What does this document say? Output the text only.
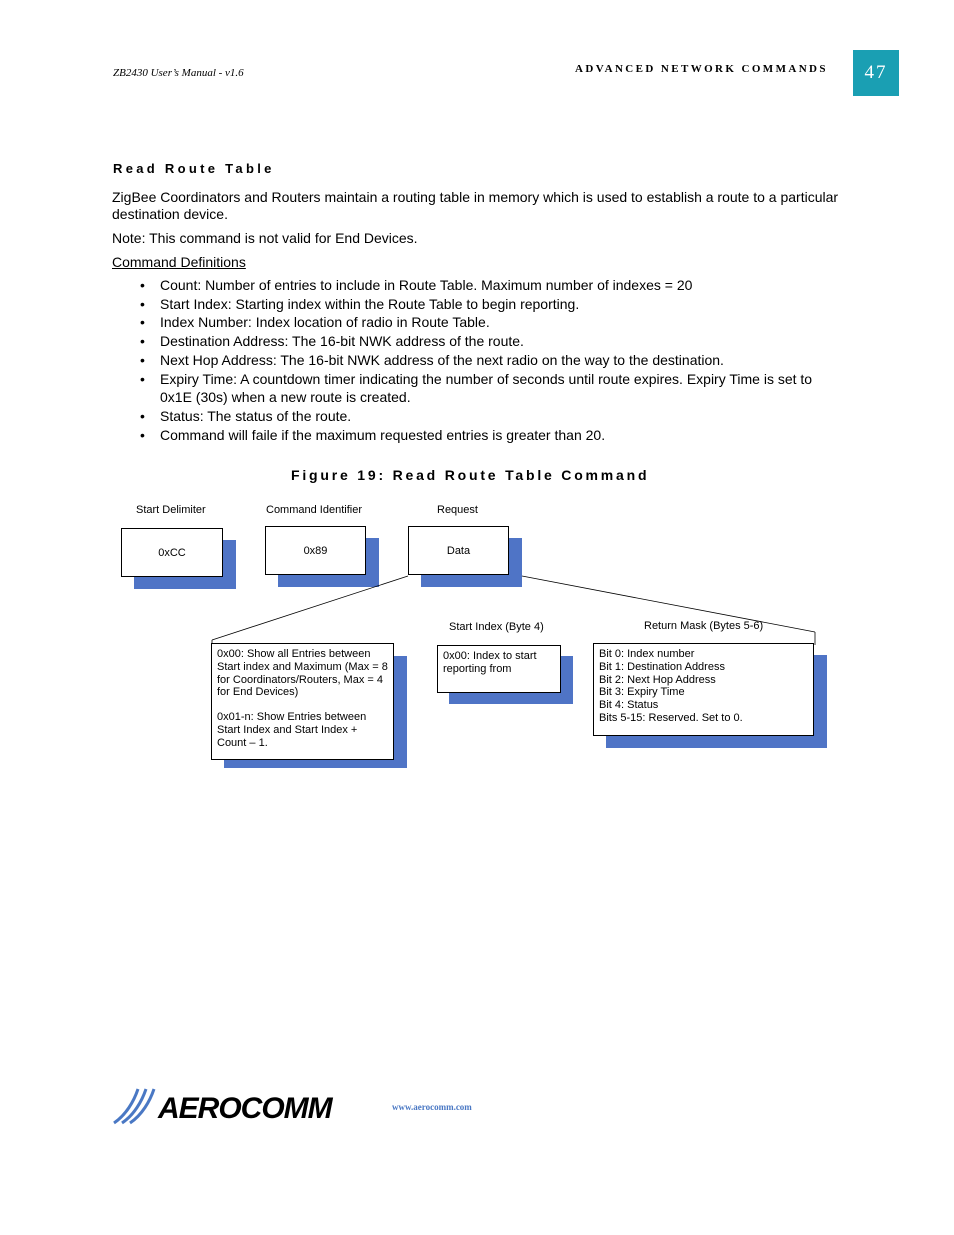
ZB2430 User’s Manual - v1.6	ADVANCED NETWORK COMMANDS	47
Read Route Table
ZigBee Coordinators and Routers maintain a routing table in memory which is used to establish a route to a particular destination device.
Note: This command is not valid for End Devices.
Command Definitions
• Count: Number of entries to include in Route Table. Maximum number of indexes = 20
• Start Index: Starting index within the Route Table to begin reporting.
• Index Number: Index location of radio in Route Table.
• Destination Address: The 16-bit NWK address of the route.
• Next Hop Address: The 16-bit NWK address of the next radio on the way to the destination.
• Expiry Time: A countdown timer indicating the number of seconds until route expires. Expiry Time is set to 0x1E (30s) when a new route is created.
• Status: The status of the route.
• Command will faile if the maximum requested entries is greater than 20.
Figure 19: Read Route Table Command
Start Delimiter	Command Identifier	Request
0xCC	0x89	Data
Start Index (Byte 4)	Return Mask (Bytes 5-6)
0x00: Show all Entries between Start index and Maximum (Max = 8 for Coordinators/Routers, Max = 4 for End Devices)
0x01-n: Show Entries between Start Index and Start Index + Count – 1.
0x00: Index to start reporting from
Bit 0: Index number
Bit 1: Destination Address
Bit 2: Next Hop Address
Bit 3: Expiry Time
Bit 4: Status
Bits 5-15: Reserved. Set to 0.
AEROCOMM	www.aerocomm.com
